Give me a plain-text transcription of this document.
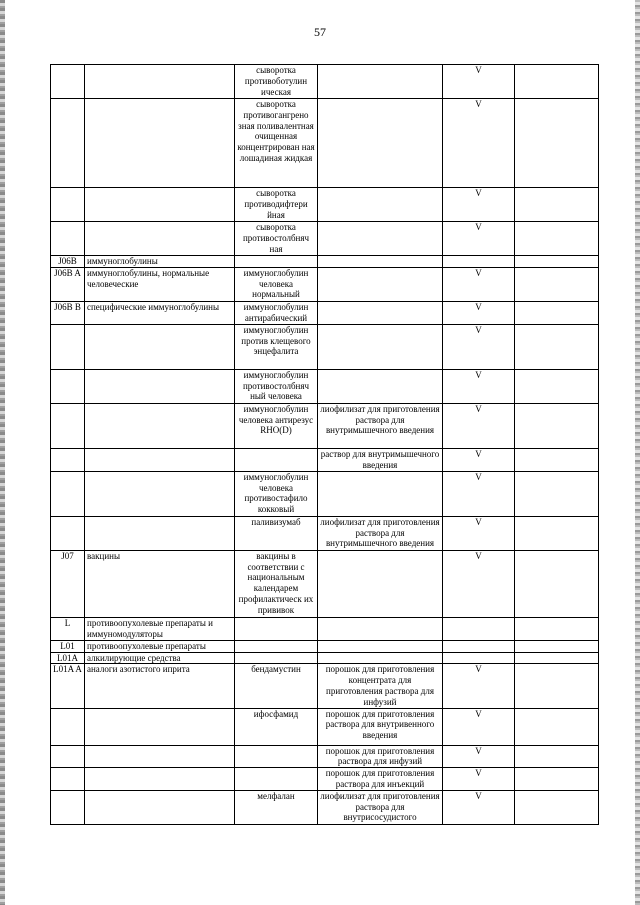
57
		сыворотка противоботулин ическая		V	
		сыворотка противогангрено зная поливалентная очищенная концентрирован ная лошадиная жидкая		V	
		сыворотка противодифтери йная		V	
		сыворотка противостолбняч ная		V	
J06B	иммуноглобулины				
J06B A	иммуноглобулины, нормальные человеческие	иммуноглобулин человека нормальный		V	
J06B B	специфические иммуноглобулины	иммуноглобулин антирабический		V	
		иммуноглобулин против клещевого энцефалита		V	
		иммуноглобулин противостолбняч ный человека		V	
		иммуноглобулин человека антирезус RHO(D)	лиофилизат для приготовления раствора для внутримышечного введения	V	
			раствор для внутримышечного введения	V	
		иммуноглобулин человека противостафило кокковый		V	
		паливизумаб	лиофилизат для приготовления раствора для внутримышечного введения	V	
J07	вакцины	вакцины в соответствии с национальным календарем профилактическ их прививок		V	
L	противоопухолевые препараты и иммуномодуляторы				
L01	противоопухолевые препараты				
L01A	алкилирующие средства				
L01A A	аналоги азотистого иприта	бендамустин	порошок для приготовления концентрата для приготовления раствора для инфузий	V	
		ифосфамид	порошок для приготовления раствора для внутривенного введения	V	
			порошок для приготовления раствора для инфузий	V	
			порошок для приготовления раствора для инъекций	V	
		мелфалан	лиофилизат для приготовления раствора для внутрисосудистого	V	
